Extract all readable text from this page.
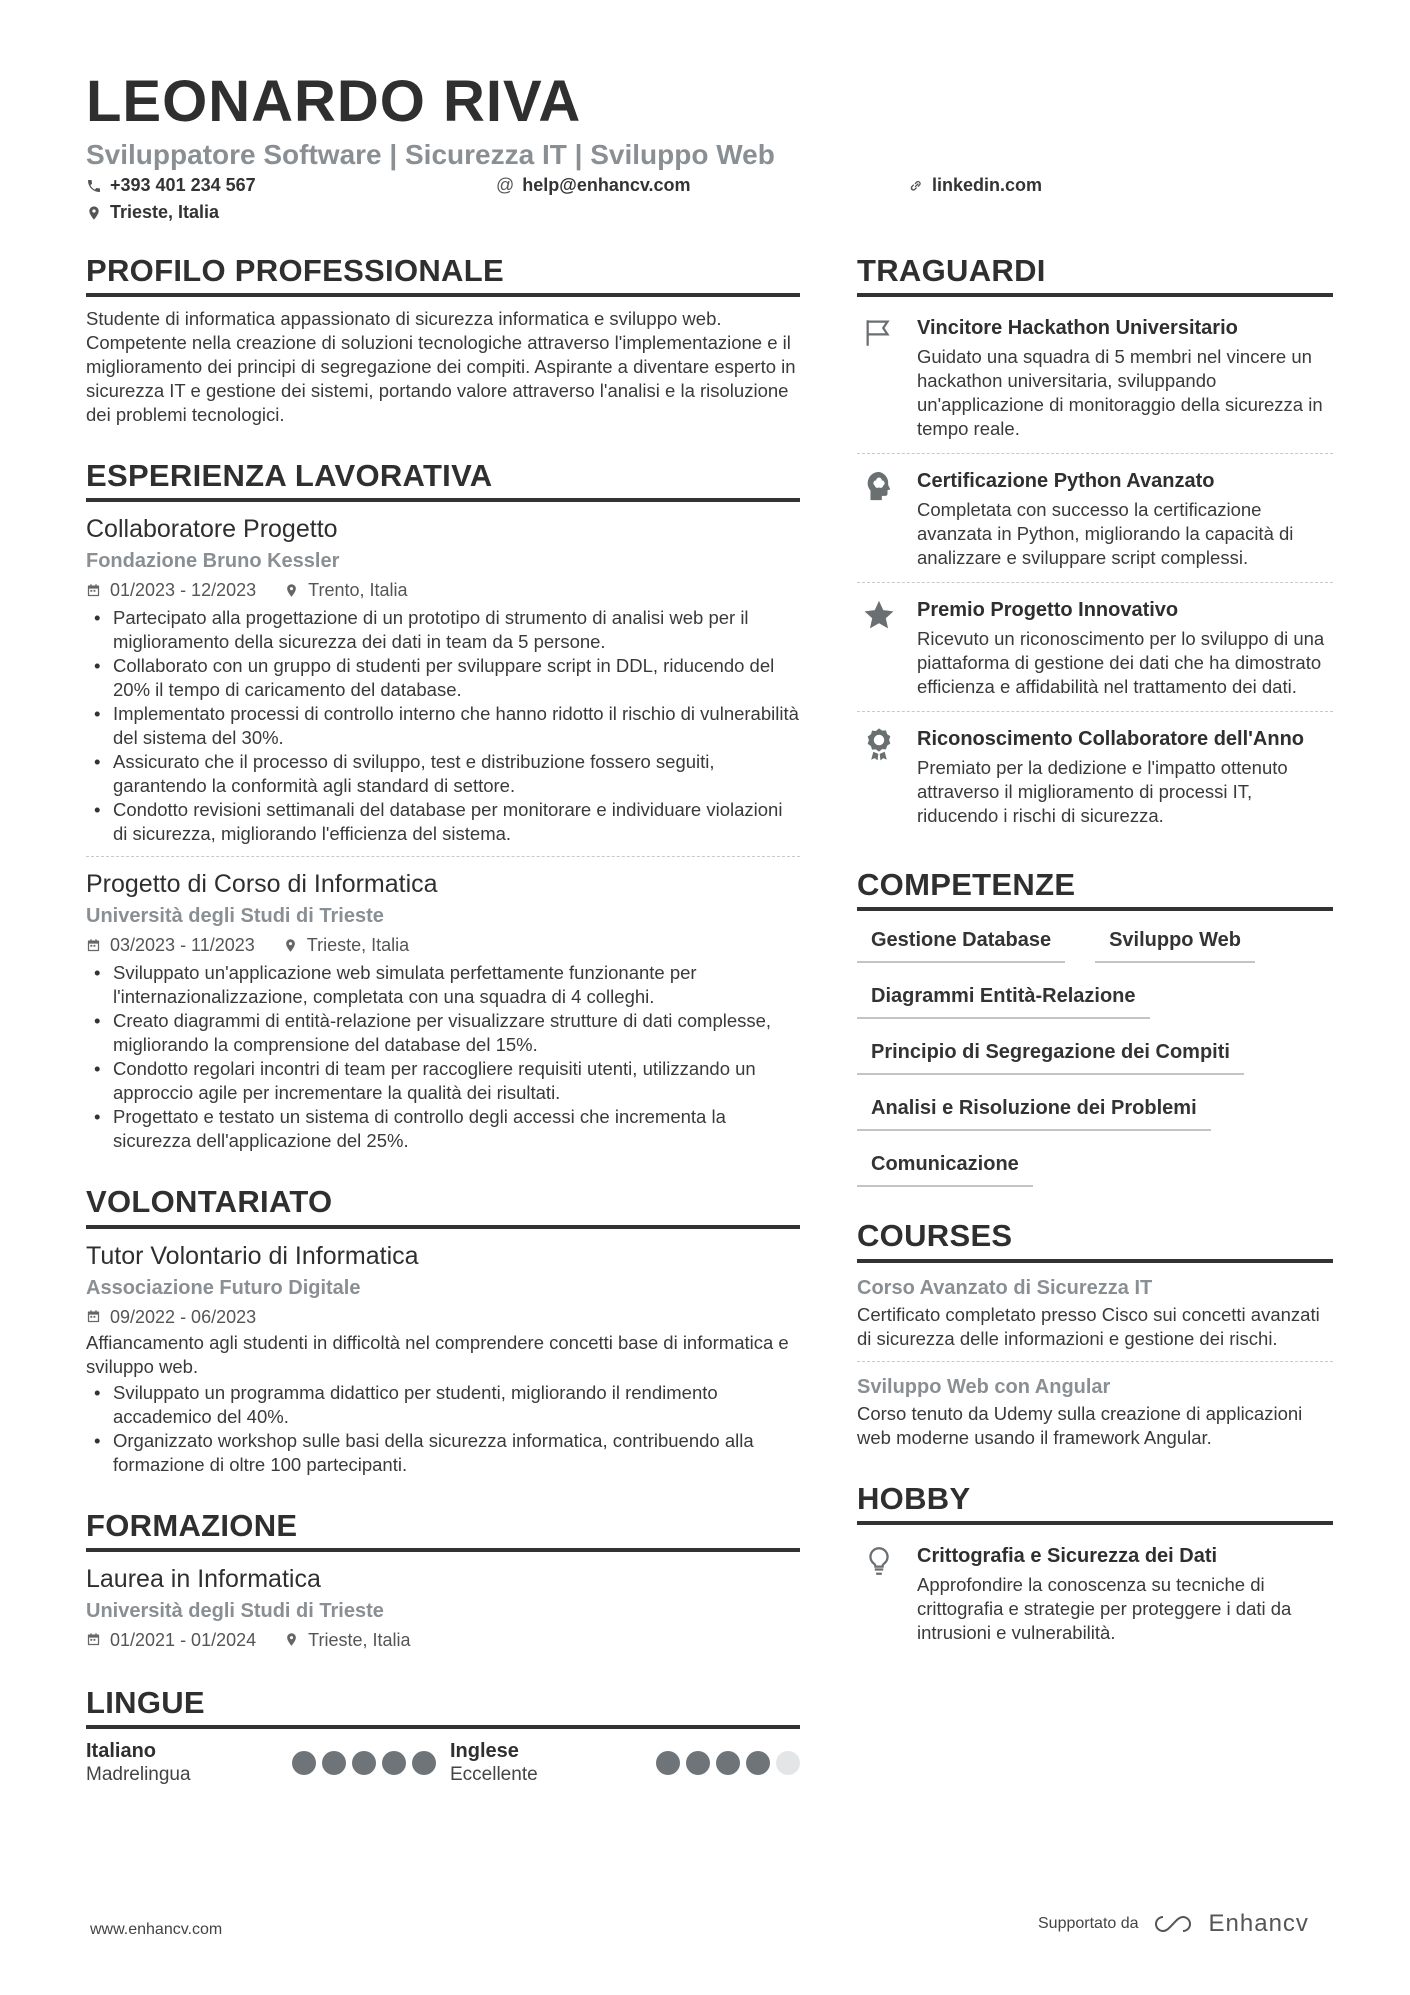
LEONARDO RIVA
Sviluppatore Software | Sicurezza IT | Sviluppo Web
+393 401 234 567	@ help@enhancv.com	linkedin.com
Trieste, Italia
PROFILO PROFESSIONALE
Studente di informatica appassionato di sicurezza informatica e sviluppo web. Competente nella creazione di soluzioni tecnologiche attraverso l'implementazione e il miglioramento dei principi di segregazione dei compiti. Aspirante a diventare esperto in sicurezza IT e gestione dei sistemi, portando valore attraverso l'analisi e la risoluzione dei problemi tecnologici.
ESPERIENZA LAVORATIVA
Collaboratore Progetto
Fondazione Bruno Kessler
01/2023 - 12/2023	Trento, Italia
• Partecipato alla progettazione di un prototipo di strumento di analisi web per il miglioramento della sicurezza dei dati in team da 5 persone.
• Collaborato con un gruppo di studenti per sviluppare script in DDL, riducendo del 20% il tempo di caricamento del database.
• Implementato processi di controllo interno che hanno ridotto il rischio di vulnerabilità del sistema del 30%.
• Assicurato che il processo di sviluppo, test e distribuzione fossero seguiti, garantendo la conformità agli standard di settore.
• Condotto revisioni settimanali del database per monitorare e individuare violazioni di sicurezza, migliorando l'efficienza del sistema.
Progetto di Corso di Informatica
Università degli Studi di Trieste
03/2023 - 11/2023	Trieste, Italia
• Sviluppato un'applicazione web simulata perfettamente funzionante per l'internazionalizzazione, completata con una squadra di 4 colleghi.
• Creato diagrammi di entità-relazione per visualizzare strutture di dati complesse, migliorando la comprensione del database del 15%.
• Condotto regolari incontri di team per raccogliere requisiti utenti, utilizzando un approccio agile per incrementare la qualità dei risultati.
• Progettato e testato un sistema di controllo degli accessi che incrementa la sicurezza dell'applicazione del 25%.
VOLONTARIATO
Tutor Volontario di Informatica
Associazione Futuro Digitale
09/2022 - 06/2023
Affiancamento agli studenti in difficoltà nel comprendere concetti base di informatica e sviluppo web.
• Sviluppato un programma didattico per studenti, migliorando il rendimento accademico del 40%.
• Organizzato workshop sulle basi della sicurezza informatica, contribuendo alla formazione di oltre 100 partecipanti.
FORMAZIONE
Laurea in Informatica
Università degli Studi di Trieste
01/2021 - 01/2024	Trieste, Italia
LINGUE
Italiano
Madrelingua
Inglese
Eccellente
TRAGUARDI
Vincitore Hackathon Universitario
Guidato una squadra di 5 membri nel vincere un hackathon universitaria, sviluppando un'applicazione di monitoraggio della sicurezza in tempo reale.
Certificazione Python Avanzato
Completata con successo la certificazione avanzata in Python, migliorando la capacità di analizzare e sviluppare script complessi.
Premio Progetto Innovativo
Ricevuto un riconoscimento per lo sviluppo di una piattaforma di gestione dei dati che ha dimostrato efficienza e affidabilità nel trattamento dei dati.
Riconoscimento Collaboratore dell'Anno
Premiato per la dedizione e l'impatto ottenuto attraverso il miglioramento di processi IT, riducendo i rischi di sicurezza.
COMPETENZE
Gestione Database	Sviluppo Web
Diagrammi Entità-Relazione
Principio di Segregazione dei Compiti
Analisi e Risoluzione dei Problemi
Comunicazione
COURSES
Corso Avanzato di Sicurezza IT
Certificato completato presso Cisco sui concetti avanzati di sicurezza delle informazioni e gestione dei rischi.
Sviluppo Web con Angular
Corso tenuto da Udemy sulla creazione di applicazioni web moderne usando il framework Angular.
HOBBY
Crittografia e Sicurezza dei Dati
Approfondire la conoscenza su tecniche di crittografia e strategie per proteggere i dati da intrusioni e vulnerabilità.
www.enhancv.com	Supportato da	Enhancv
